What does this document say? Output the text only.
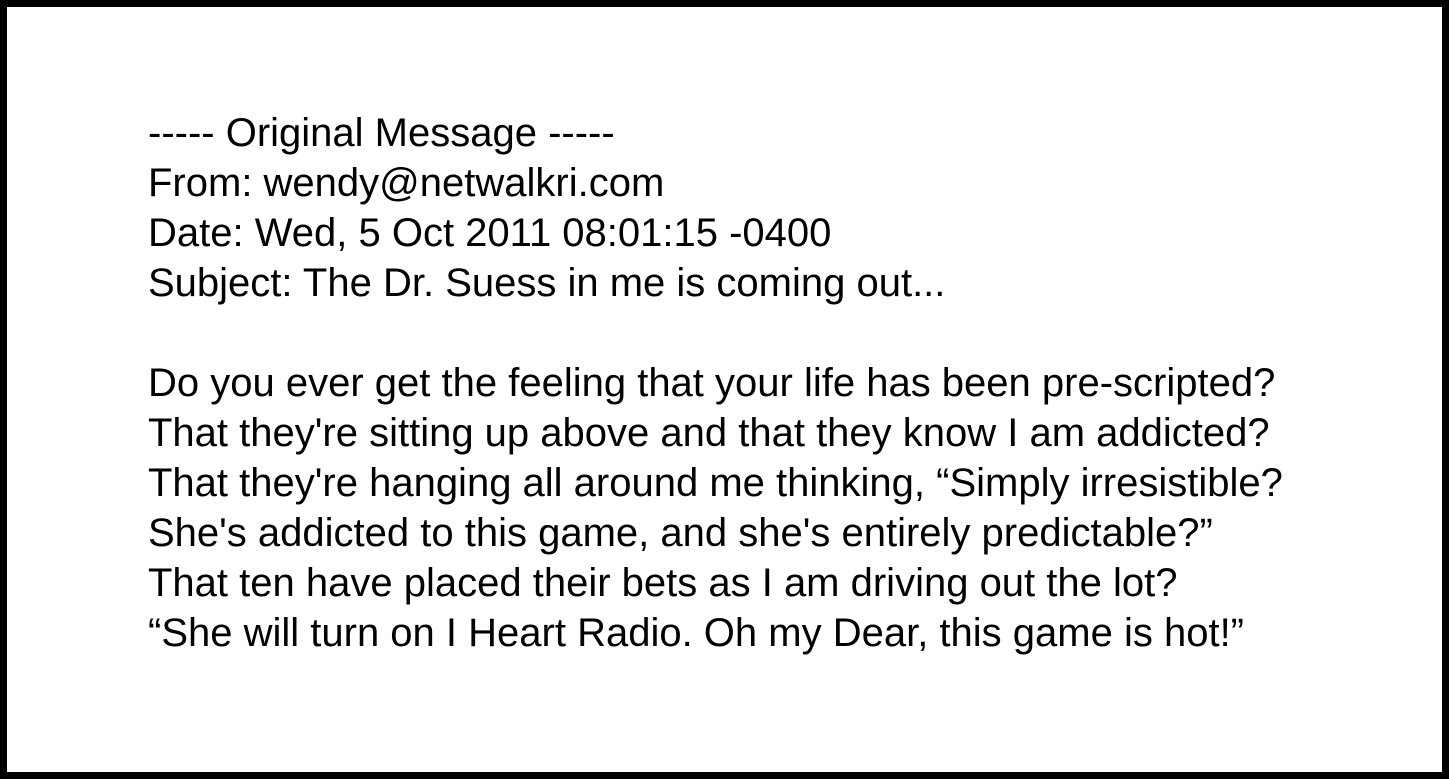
----- Original Message -----
From: wendy@netwalkri.com
Date: Wed, 5 Oct 2011 08:01:15 -0400
Subject: The Dr. Suess in me is coming out...
Do you ever get the feeling that your life has been pre-scripted?
That they're sitting up above and that they know I am addicted?
That they're hanging all around me thinking, “Simply irresistible?
She's addicted to this game, and she's entirely predictable?”
That ten have placed their bets as I am driving out the lot?
“She will turn on I Heart Radio. Oh my Dear, this game is hot!”
